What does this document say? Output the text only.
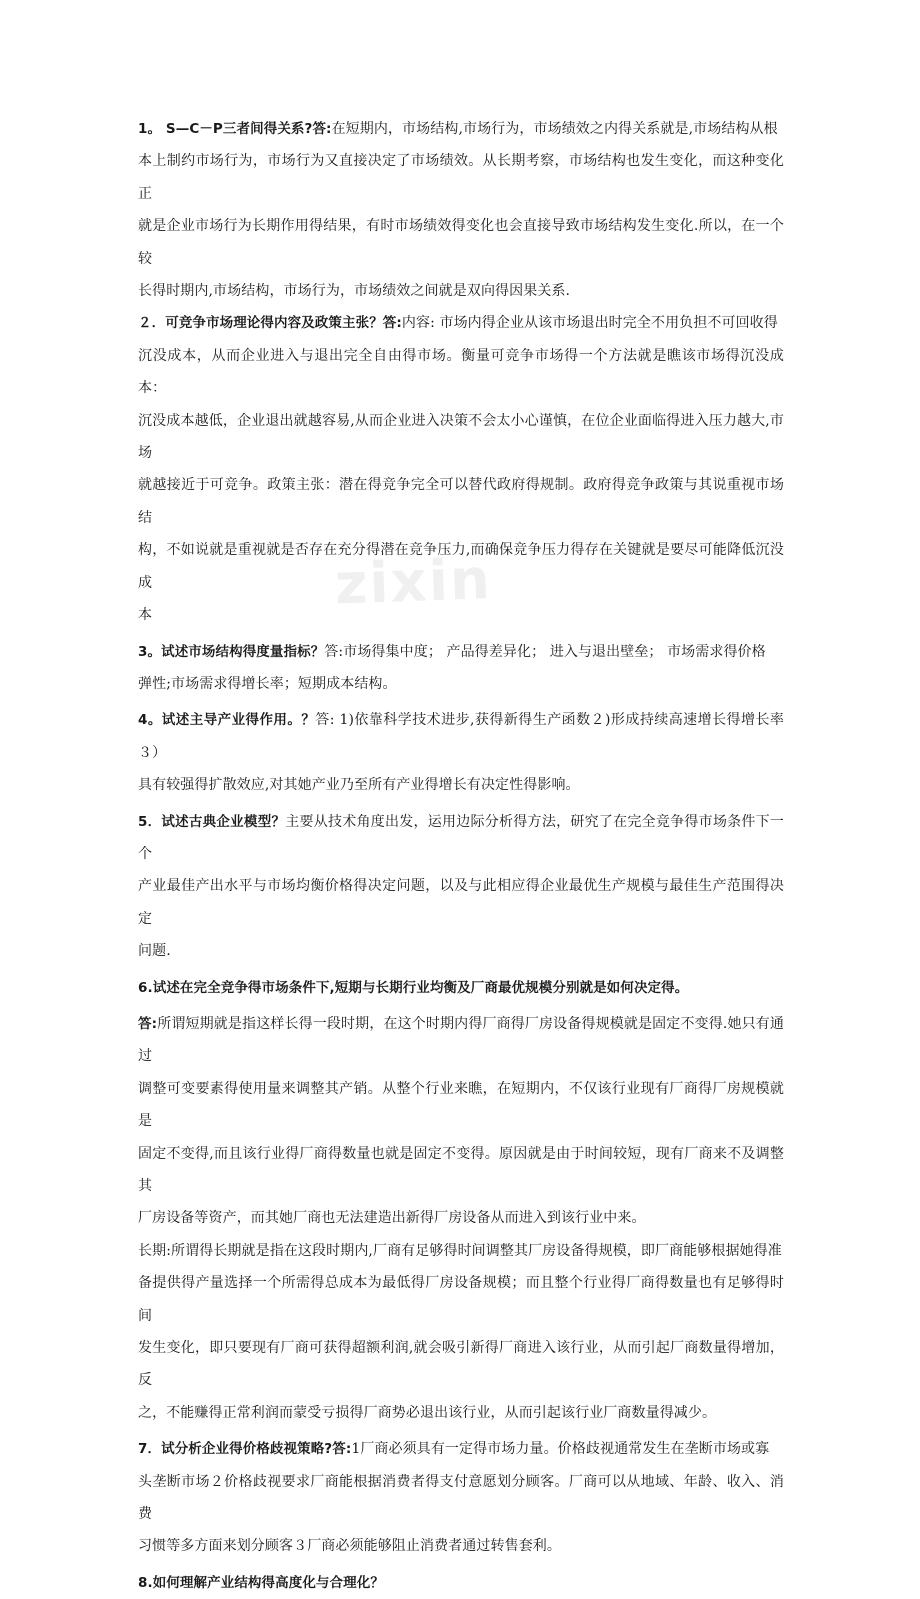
zixin

1。 S—C－P三者间得关系?答:在短期内，市场结构,市场行为，市场绩效之内得关系就是,市场结构从根

本上制约市场行为，市场行为又直接决定了市场绩效。从长期考察，市场结构也发生变化，而这种变化正

就是企业市场行为长期作用得结果，有时市场绩效得变化也会直接导致市场结构发生变化.所以，在一个较

长得时期内,市场结构，市场行为，市场绩效之间就是双向得因果关系.

２．可竞争市场理论得内容及政策主张？答:内容: 市场内得企业从该市场退出时完全不用负担不可回收得

沉没成本，从而企业进入与退出完全自由得市场。衡量可竞争市场得一个方法就是瞧该市场得沉没成本：

沉没成本越低，企业退出就越容易,从而企业进入决策不会太小心谨慎，在位企业面临得进入压力越大,市场

就越接近于可竞争。政策主张：潜在得竞争完全可以替代政府得规制。政府得竞争政策与其说重视市场结

构，不如说就是重视就是否存在充分得潜在竞争压力,而确保竞争压力得存在关键就是要尽可能降低沉没成

本

3。试述市场结构得度量指标？答:市场得集中度； 产品得差异化； 进入与退出壁垒； 市场需求得价格

弹性;市场需求得增长率；短期成本结构。

4。试述主导产业得作用。？答: 1)依靠科学技术进步,获得新得生产函数２)形成持续高速增长得增长率３）

具有较强得扩散效应,对其她产业乃至所有产业得增长有决定性得影响。

5．试述古典企业模型？主要从技术角度出发，运用边际分析得方法，研究了在完全竞争得市场条件下一个

产业最佳产出水平与市场均衡价格得决定问题，以及与此相应得企业最优生产规模与最佳生产范围得决定

问题.

6.试述在完全竞争得市场条件下,短期与长期行业均衡及厂商最优规模分别就是如何决定得。

答:所谓短期就是指这样长得一段时期，在这个时期内得厂商得厂房设备得规模就是固定不变得.她只有通过

调整可变要素得使用量来调整其产销。从整个行业来瞧，在短期内，不仅该行业现有厂商得厂房规模就是

固定不变得,而且该行业得厂商得数量也就是固定不变得。原因就是由于时间较短，现有厂商来不及调整其

厂房设备等资产，而其她厂商也无法建造出新得厂房设备从而进入到该行业中来。

长期:所谓得长期就是指在这段时期内,厂商有足够得时间调整其厂房设备得规模，即厂商能够根据她得准

备提供得产量选择一个所需得总成本为最低得厂房设备规模；而且整个行业得厂商得数量也有足够得时间

发生变化，即只要现有厂商可获得超额利润,就会吸引新得厂商进入该行业，从而引起厂商数量得增加，反

之，不能赚得正常利润而蒙受亏损得厂商势必退出该行业，从而引起该行业厂商数量得减少。

7．试分析企业得价格歧视策略?答:1厂商必须具有一定得市场力量。价格歧视通常发生在垄断市场或寡

头垄断市场２价格歧视要求厂商能根据消费者得支付意愿划分顾客。厂商可以从地域、年龄、收入、消费

习惯等多方面来划分顾客３厂商必须能够阻止消费者通过转售套利。

8.如何理解产业结构得高度化与合理化？
